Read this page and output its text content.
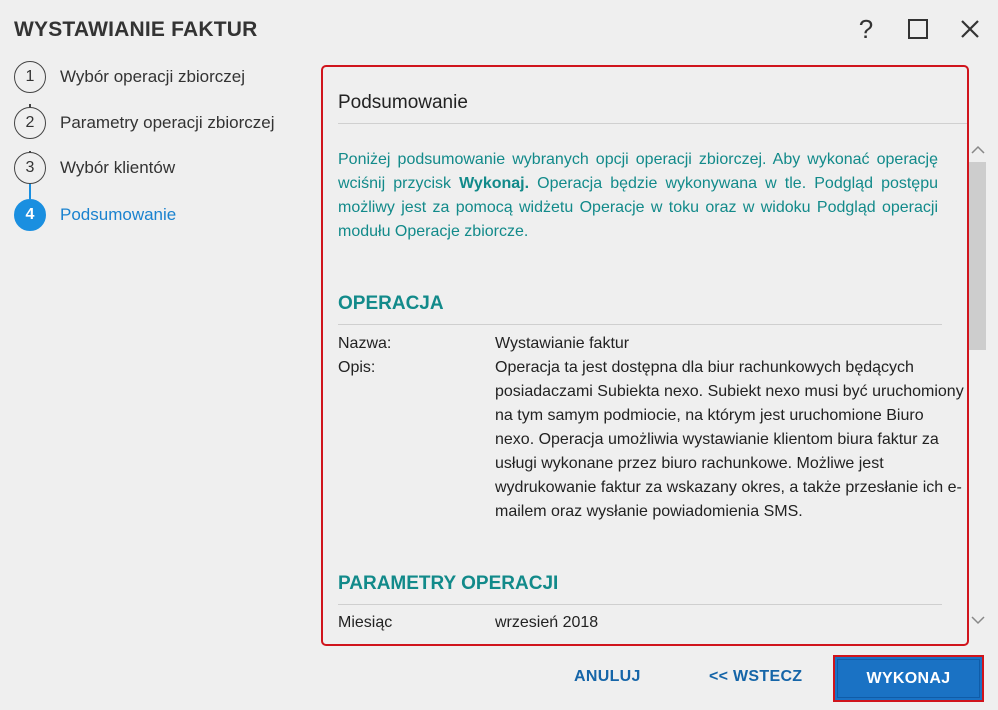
WYSTAWIANIE FAKTUR	?
1	Wybór operacji zbiorczej
2	Parametry operacji zbiorczej
3	Wybór klientów
4	Podsumowanie
Podsumowanie
Poniżej podsumowanie wybranych opcji operacji zbiorczej. Aby wykonać operację wciśnij przycisk Wykonaj. Operacja będzie wykonywana w tle. Podgląd postępu możliwy jest za pomocą widżetu Operacje w toku oraz w widoku Podgląd operacji modułu Operacje zbiorcze.
OPERACJA
Nazwa:	Wystawianie faktur
Opis:	Operacja ta jest dostępna dla biur rachunkowych będących posiadaczami Subiekta nexo. Subiekt nexo musi być uruchomiony na tym samym podmiocie, na którym jest uruchomione Biuro nexo. Operacja umożliwia wystawianie klientom biura faktur za usługi wykonane przez biuro rachunkowe. Możliwe jest wydrukowanie faktur za wskazany okres, a także przesłanie ich e-mailem oraz wysłanie powiadomienia SMS.
PARAMETRY OPERACJI
Miesiąc	wrzesień 2018
ANULUJ	<< WSTECZ	WYKONAJ
